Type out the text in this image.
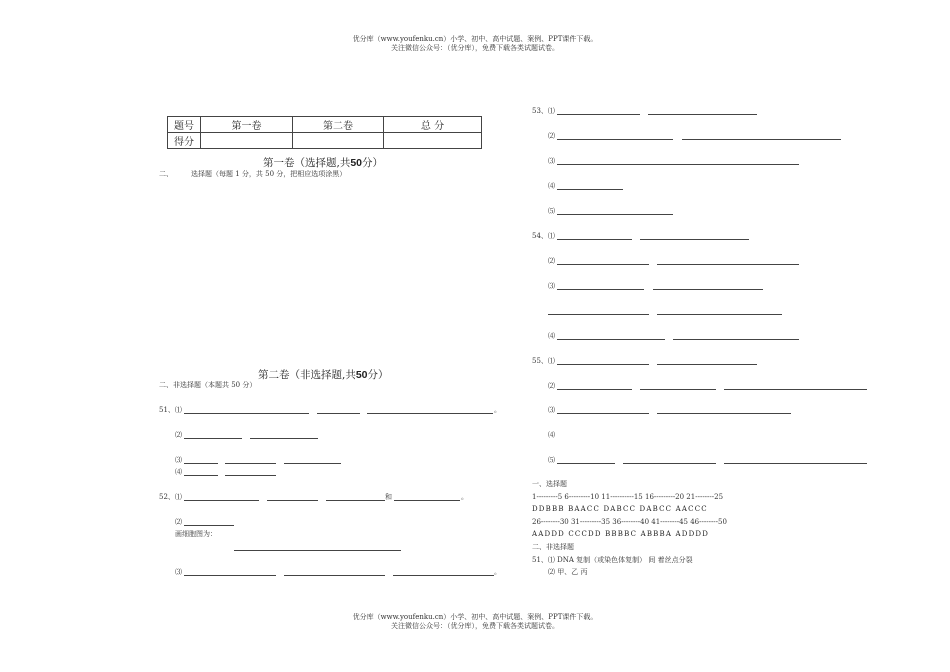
优分库（www.youfenku.cn）小学、初中、高中试题、案例、PPT课件下载。
关注微信公众号：（优分库），免费下载各类试题试卷。
题号	第一卷	第二卷	总 分
得分			
第一卷（选择题,共50分）
二、	选择题（每题 1 分，共 50 分，把相应选项涂黑）
第二卷（非选择题,共50分）
二、非选择题（本题共 50 分）
51、⑴	。
⑵
⑶
⑷
52、⑴	和	。
⑵
画细胞图为：
⑶	。
53、⑴
⑵
⑶
⑷
⑸
54、⑴
⑵
⑶
⑷
55、⑴
⑵
⑶
⑷
⑸
一、选择题
1---------5 6---------10 11----------15 16---------20 21--------25
DDBBB BAACC DABCC DABCC AACCC
26--------30 31---------35 36--------40 41--------45 46--------50
AADDD CCCDD BBBBC ABBBA ADDDD
二、非选择题
51、⑴ DNA 复制（或染色体复制） 间 着丝点分裂
⑵ 甲、乙 丙
优分库（www.youfenku.cn）小学、初中、高中试题、案例、PPT课件下载。
关注微信公众号：（优分库），免费下载各类试题试卷。
